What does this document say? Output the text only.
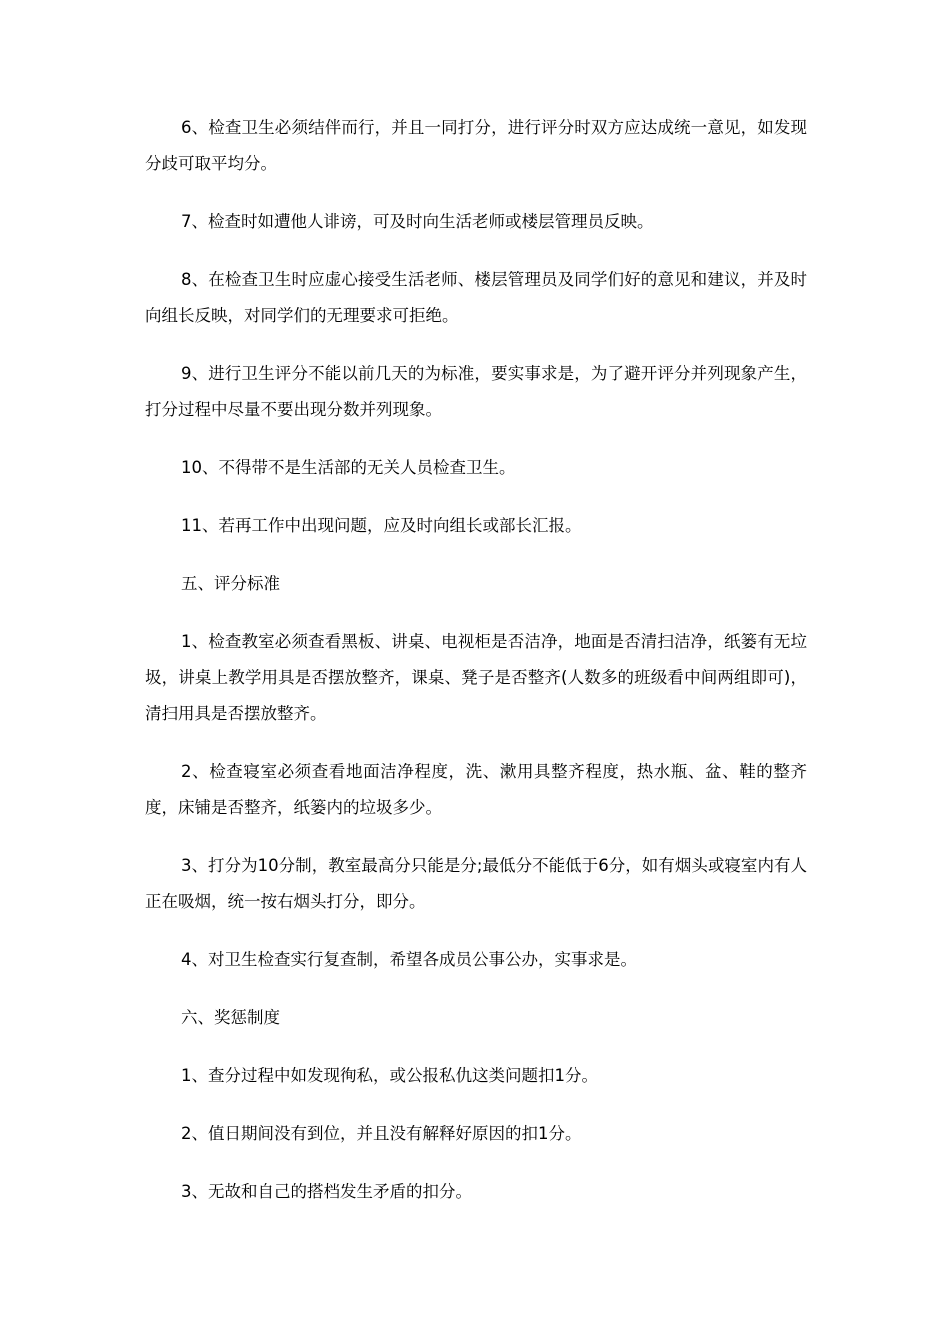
6、检查卫生必须结伴而行，并且一同打分，进行评分时双方应达成统一意见，如发现分歧可取平均分。

7、检查时如遭他人诽谤，可及时向生活老师或楼层管理员反映。

8、在检查卫生时应虚心接受生活老师、楼层管理员及同学们好的意见和建议，并及时向组长反映，对同学们的无理要求可拒绝。

9、进行卫生评分不能以前几天的为标准，要实事求是，为了避开评分并列现象产生，打分过程中尽量不要出现分数并列现象。

10、不得带不是生活部的无关人员检查卫生。

11、若再工作中出现问题，应及时向组长或部长汇报。

五、评分标准

1、检查教室必须查看黑板、讲桌、电视柜是否洁净，地面是否清扫洁净，纸篓有无垃圾，讲桌上教学用具是否摆放整齐，课桌、凳子是否整齐(人数多的班级看中间两组即可)，清扫用具是否摆放整齐。

2、检查寝室必须查看地面洁净程度，洗、漱用具整齐程度，热水瓶、盆、鞋的整齐度，床铺是否整齐，纸篓内的垃圾多少。

3、打分为10分制，教室最高分只能是分;最低分不能低于6分，如有烟头或寝室内有人正在吸烟，统一按右烟头打分，即分。

4、对卫生检查实行复查制，希望各成员公事公办，实事求是。

六、奖惩制度

1、查分过程中如发现徇私，或公报私仇这类问题扣1分。

2、值日期间没有到位，并且没有解释好原因的扣1分。

3、无故和自己的搭档发生矛盾的扣分。
